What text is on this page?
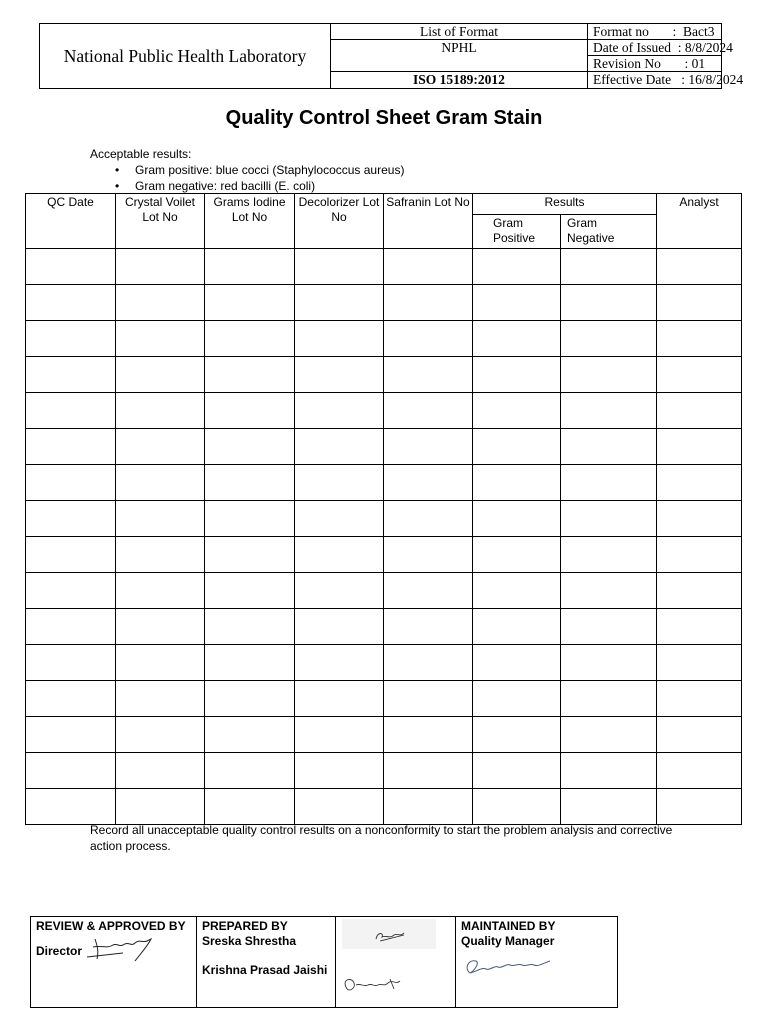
National Public Health Laboratory
List of Format
NPHL
ISO 15189:2012
Format no       :  Bact3
Date of Issued  : 8/8/2024
Revision No       : 01
Effective Date   : 16/8/2024
Quality Control Sheet Gram Stain
Acceptable results:
• Gram positive: blue cocci (Staphylococcus aureus)
• Gram negative: red bacilli (E. coli)
QC Date	Crystal Voilet Lot No	Grams Iodine Lot No	Decolorizer Lot No	Safranin Lot No	Results		Analyst
					Gram Positive	Gram Negative	

Record all unacceptable quality control results on a nonconformity to start the problem analysis and corrective action process.
REVIEW & APPROVED BY
Director

PREPARED BY
Sreska Shrestha
Krishna Prasad Jaishi

MAINTAINED BY
Quality Manager
